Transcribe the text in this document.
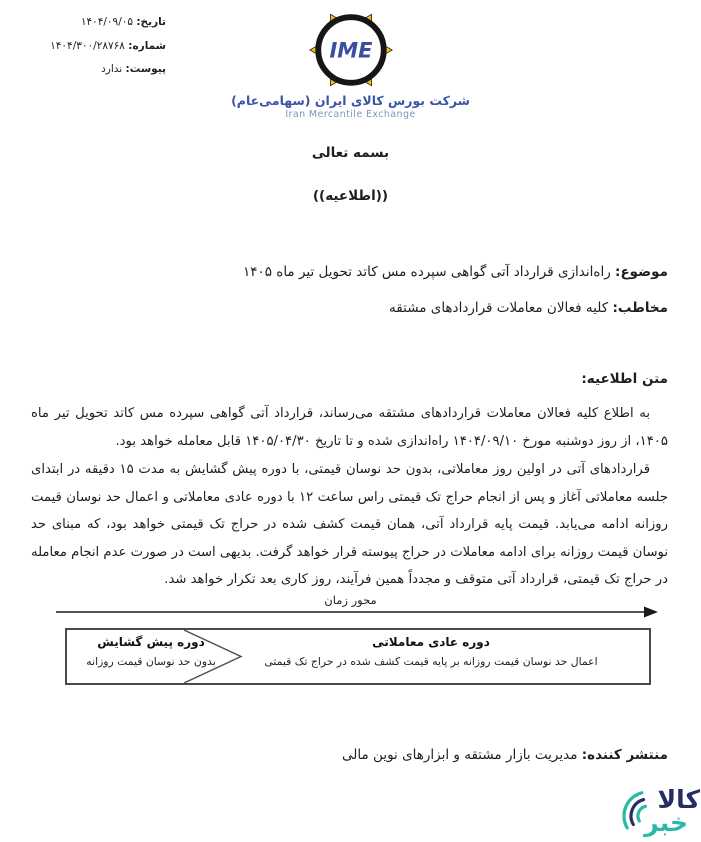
تاریخ: ۱۴۰۴/۰۹/۰۵
شماره: ۱۴۰۴/۳۰۰/۲۸۷۶۸
پیوست: ندارد
IME
شرکت بورس کالای ایران (سهامی‌عام)
Iran Mercantile Exchange
بسمه تعالی
((اطلاعیه))
موضوع: راه‌اندازی قرارداد آتی گواهی سپرده مس کاتد تحویل تیر ماه ۱۴۰۵
مخاطب: کلیه فعالان معاملات قراردادهای مشتقه
متن اطلاعیه:

به اطلاع کلیه فعالان معاملات قراردادهای مشتقه می‌رساند، قرارداد آتی گواهی سپرده مس کاتد تحویل تیر ماه ۱۴۰۵، از روز دوشنبه مورخ ۱۴۰۴/۰۹/۱۰ راه‌اندازی شده و تا تاریخ ۱۴۰۵/۰۴/۳۰ قابل معامله خواهد بود.

قراردادهای آتی در اولین روز معاملاتی، بدون حد نوسان قیمتی، با دوره پیش گشایش به مدت ۱۵ دقیقه در ابتدای جلسه معاملاتی آغاز و پس از انجام حراج تک قیمتی راس ساعت ۱۲ با دوره عادی معاملاتی و اعمال حد نوسان قیمت روزانه ادامه می‌یابد. قیمت پایه قرارداد آتی، همان قیمت کشف شده در حراج تک قیمتی خواهد بود، که مبنای حد نوسان قیمت روزانه برای ادامه معاملات در حراج پیوسته قرار خواهد گرفت. بدیهی است در صورت عدم انجام معامله در حراج تک قیمتی، قرارداد آتی متوقف و مجدداً همین فرآیند، روز کاری بعد تکرار خواهد شد.

محور زمان
دوره پیش گشایش
بدون حد نوسان قیمت روزانه
دوره عادی معاملاتی
اعمال حد نوسان قیمت روزانه بر پایه قیمت کشف شده در حراج تک قیمتی
منتشر کننده: مدیریت بازار مشتقه و ابزارهای نوین مالی
کالا
خبر
